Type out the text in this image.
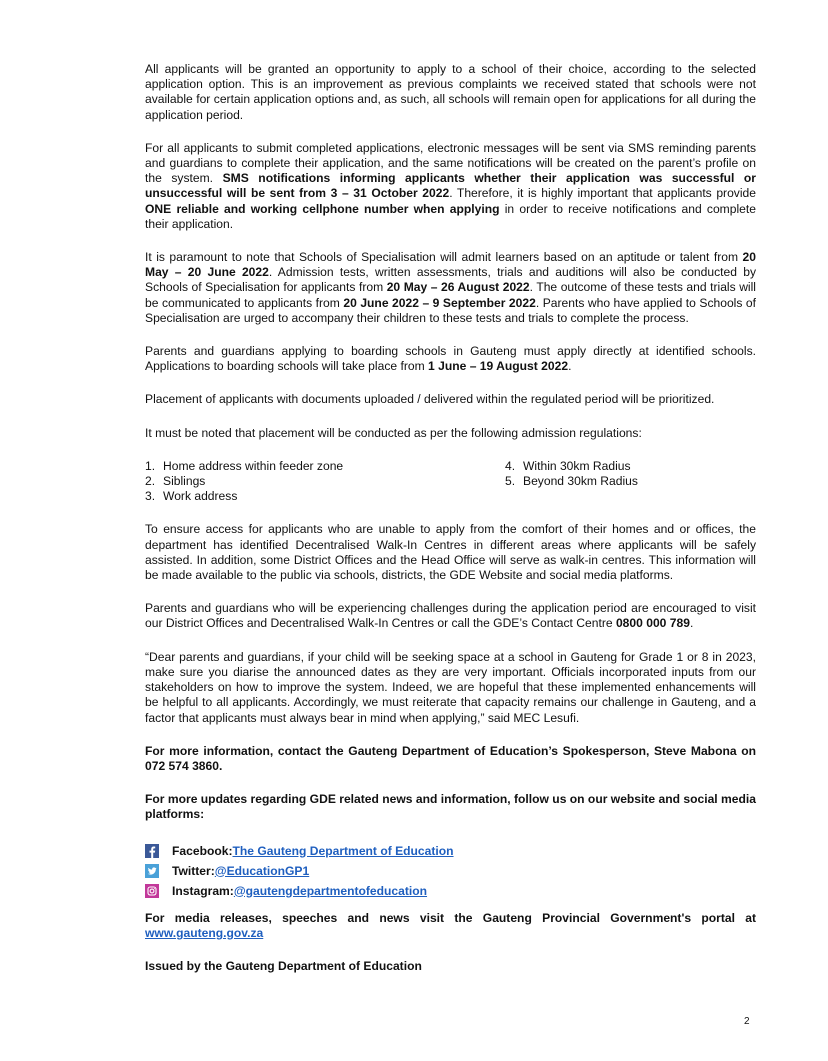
All applicants will be granted an opportunity to apply to a school of their choice, according to the selected application option. This is an improvement as previous complaints we received stated that schools were not available for certain application options and, as such, all schools will remain open for applications for all during the application period.

For all applicants to submit completed applications, electronic messages will be sent via SMS reminding parents and guardians to complete their application, and the same notifications will be created on the parent’s profile on the system. SMS notifications informing applicants whether their application was successful or unsuccessful will be sent from 3 – 31 October 2022. Therefore, it is highly important that applicants provide ONE reliable and working cellphone number when applying in order to receive notifications and complete their application.

It is paramount to note that Schools of Specialisation will admit learners based on an aptitude or talent from 20 May – 20 June 2022. Admission tests, written assessments, trials and auditions will also be conducted by Schools of Specialisation for applicants from 20 May – 26 August 2022. The outcome of these tests and trials will be communicated to applicants from 20 June 2022 – 9 September 2022. Parents who have applied to Schools of Specialisation are urged to accompany their children to these tests and trials to complete the process.

Parents and guardians applying to boarding schools in Gauteng must apply directly at identified schools. Applications to boarding schools will take place from 1 June – 19 August 2022.

Placement of applicants with documents uploaded / delivered within the regulated period will be prioritized.

It must be noted that placement will be conducted as per the following admission regulations:

1. Home address within feeder zone
2. Siblings
3. Work address
4. Within 30km Radius
5. Beyond 30km Radius

To ensure access for applicants who are unable to apply from the comfort of their homes and or offices, the department has identified Decentralised Walk-In Centres in different areas where applicants will be safely assisted. In addition, some District Offices and the Head Office will serve as walk-in centres. This information will be made available to the public via schools, districts, the GDE Website and social media platforms.

Parents and guardians who will be experiencing challenges during the application period are encouraged to visit our District Offices and Decentralised Walk-In Centres or call the GDE’s Contact Centre 0800 000 789.

“Dear parents and guardians, if your child will be seeking space at a school in Gauteng for Grade 1 or 8 in 2023, make sure you diarise the announced dates as they are very important. Officials incorporated inputs from our stakeholders on how to improve the system. Indeed, we are hopeful that these implemented enhancements will be helpful to all applicants. Accordingly, we must reiterate that capacity remains our challenge in Gauteng, and a factor that applicants must always bear in mind when applying,” said MEC Lesufi.

For more information, contact the Gauteng Department of Education’s Spokesperson, Steve Mabona on 072 574 3860.

For more updates regarding GDE related news and information, follow us on our website and social media platforms:

Facebook: The Gauteng Department of Education
Twitter: @EducationGP1
Instagram: @gautengdepartmentofeducation

For media releases, speeches and news visit the Gauteng Provincial Government's portal at www.gauteng.gov.za

Issued by the Gauteng Department of Education

2
